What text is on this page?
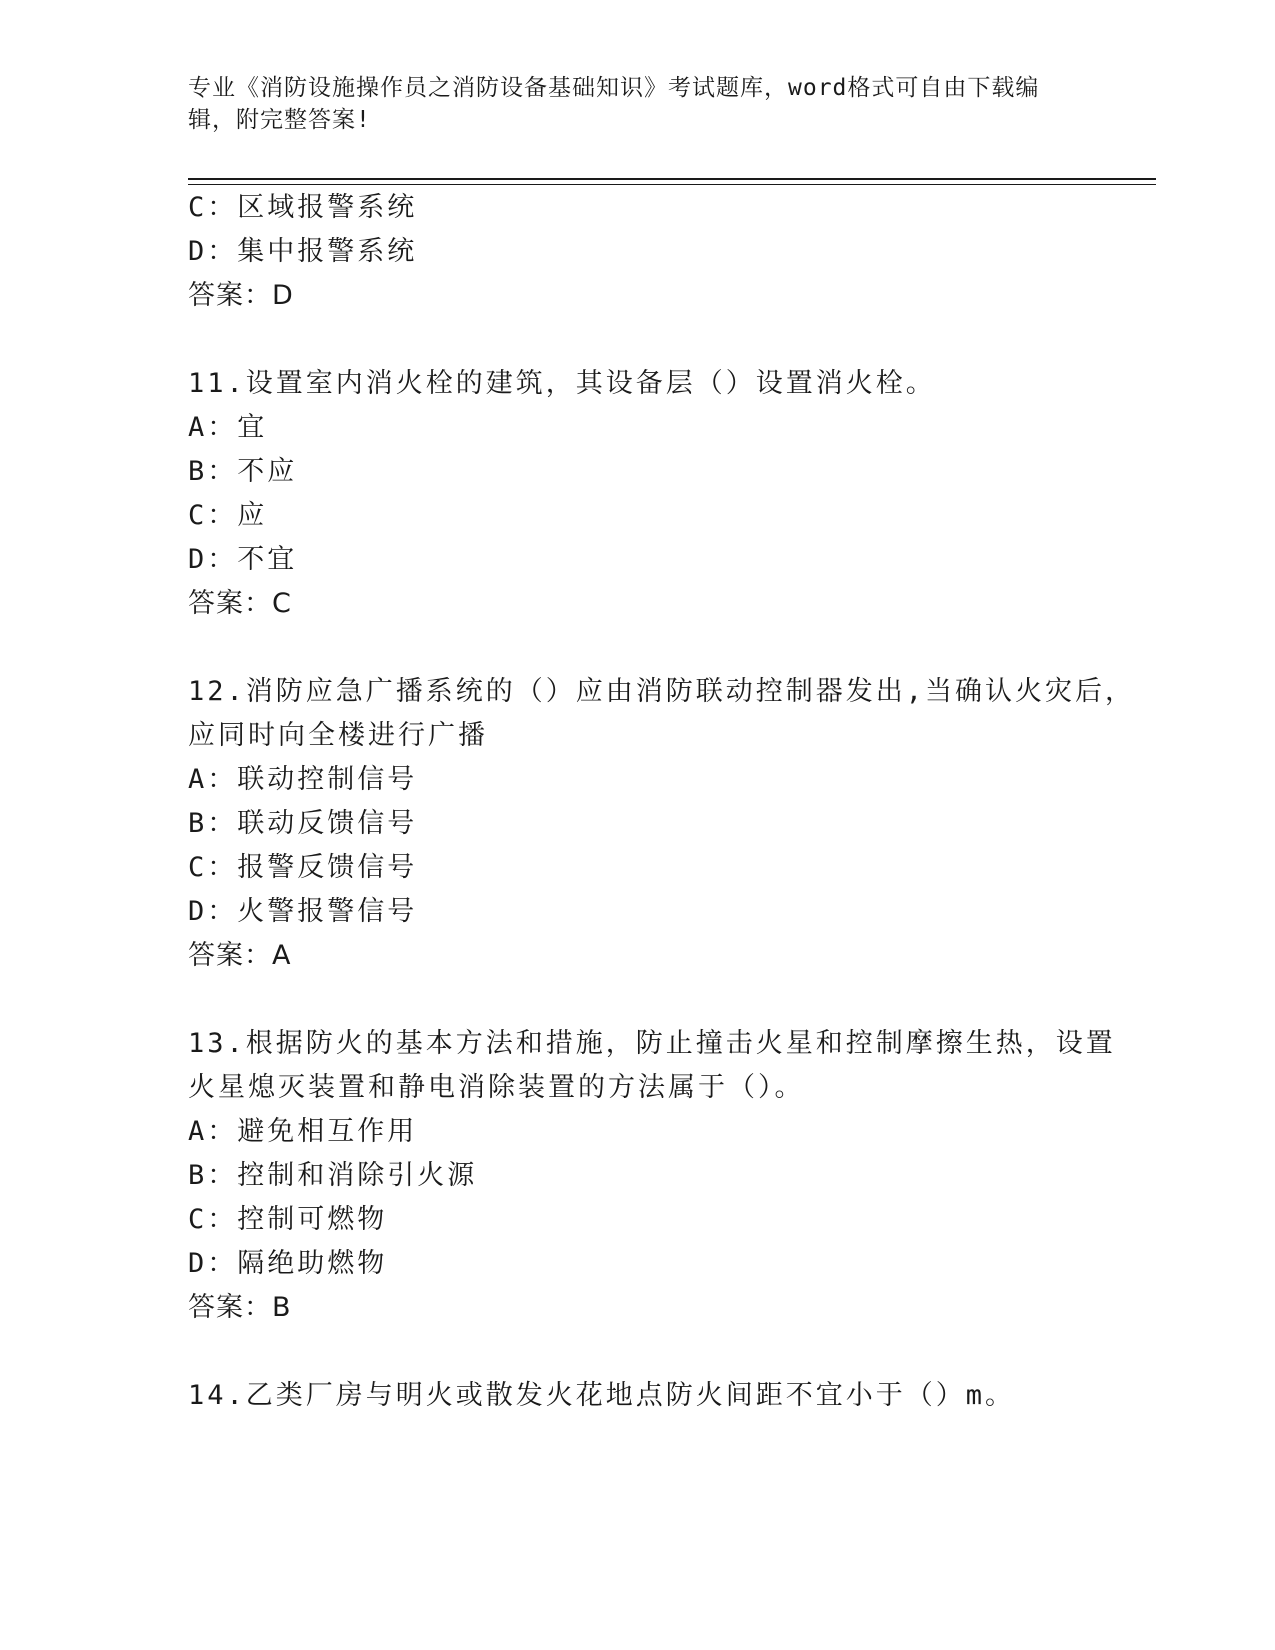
专业《消防设施操作员之消防设备基础知识》考试题库，word格式可自由下载编
辑，附完整答案!
C：区域报警系统
D：集中报警系统
答案：D
11.设置室内消火栓的建筑，其设备层（）设置消火栓。
A：宜
B：不应
C：应
D：不宜
答案：C
12.消防应急广播系统的（）应由消防联动控制器发出,当确认火灾后，
应同时向全楼进行广播
A：联动控制信号
B：联动反馈信号
C：报警反馈信号
D：火警报警信号
答案：A
13.根据防火的基本方法和措施，防止撞击火星和控制摩擦生热，设置
火星熄灭装置和静电消除装置的方法属于（）。
A：避免相互作用
B：控制和消除引火源
C：控制可燃物
D：隔绝助燃物
答案：B
14.乙类厂房与明火或散发火花地点防火间距不宜小于（）m。
